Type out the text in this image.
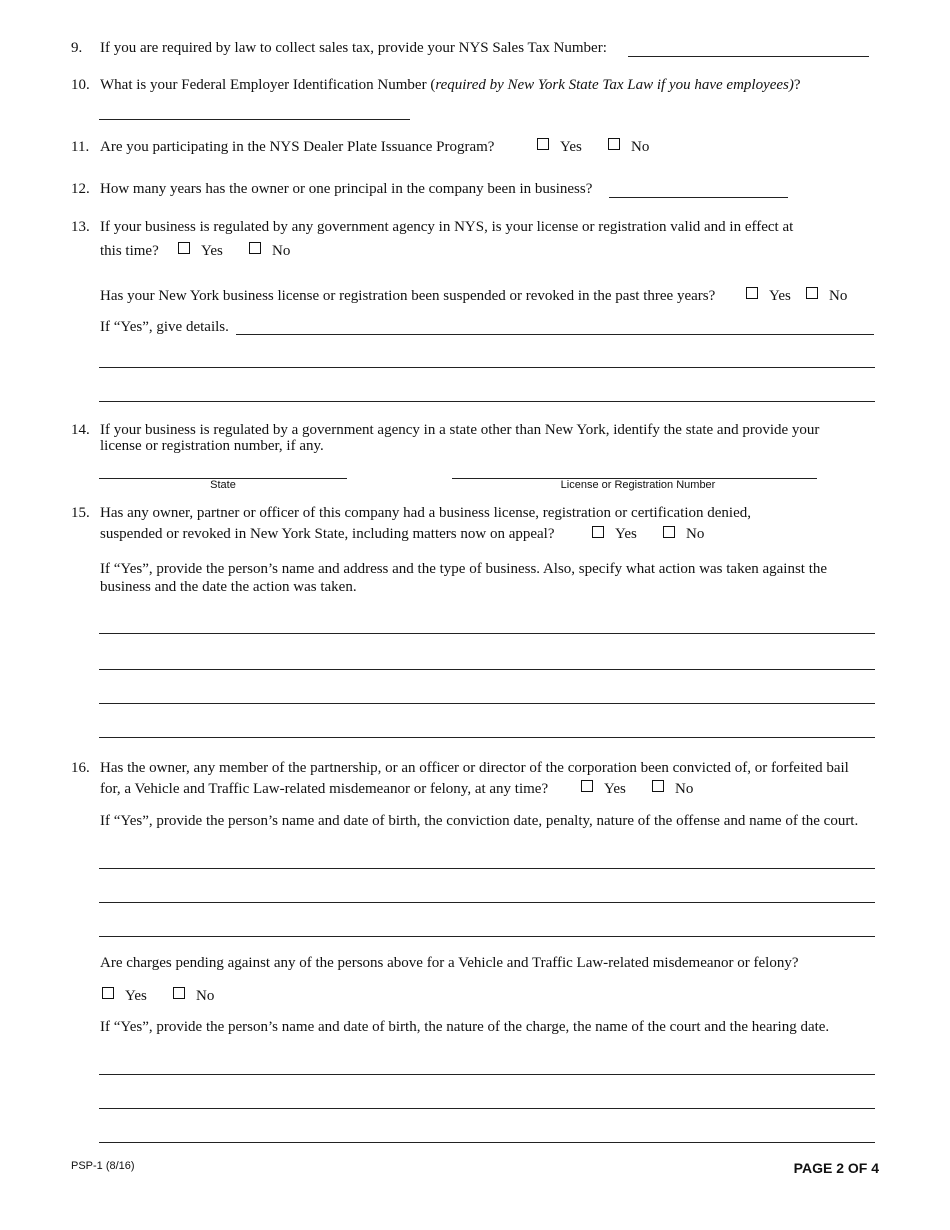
9. If you are required by law to collect sales tax, provide your NYS Sales Tax Number:
10. What is your Federal Employer Identification Number (required by New York State Tax Law if you have employees)?
11. Are you participating in the NYS Dealer Plate Issuance Program?	Yes	No
12. How many years has the owner or one principal in the company been in business?
13. If your business is regulated by any government agency in NYS, is your license or registration valid and in effect at
this time?	Yes	No
Has your New York business license or registration been suspended or revoked in the past three years?	Yes	No
If “Yes”, give details.
14. If your business is regulated by a government agency in a state other than New York, identify the state and provide your
license or registration number, if any.
State	License or Registration Number
15. Has any owner, partner or officer of this company had a business license, registration or certification denied,
suspended or revoked in New York State, including matters now on appeal?	Yes	No
If “Yes”, provide the person’s name and address and the type of business. Also, specify what action was taken against the
business and the date the action was taken.
16. Has the owner, any member of the partnership, or an officer or director of the corporation been convicted of, or forfeited bail
for, a Vehicle and Traffic Law-related misdemeanor or felony, at any time?	Yes	No
If “Yes”, provide the person’s name and date of birth, the conviction date, penalty, nature of the offense and name of the court.
Are charges pending against any of the persons above for a Vehicle and Traffic Law-related misdemeanor or felony?
Yes	No
If “Yes”, provide the person’s name and date of birth, the nature of the charge, the name of the court and the hearing date.
PSP-1 (8/16)	PAGE 2 OF 4
